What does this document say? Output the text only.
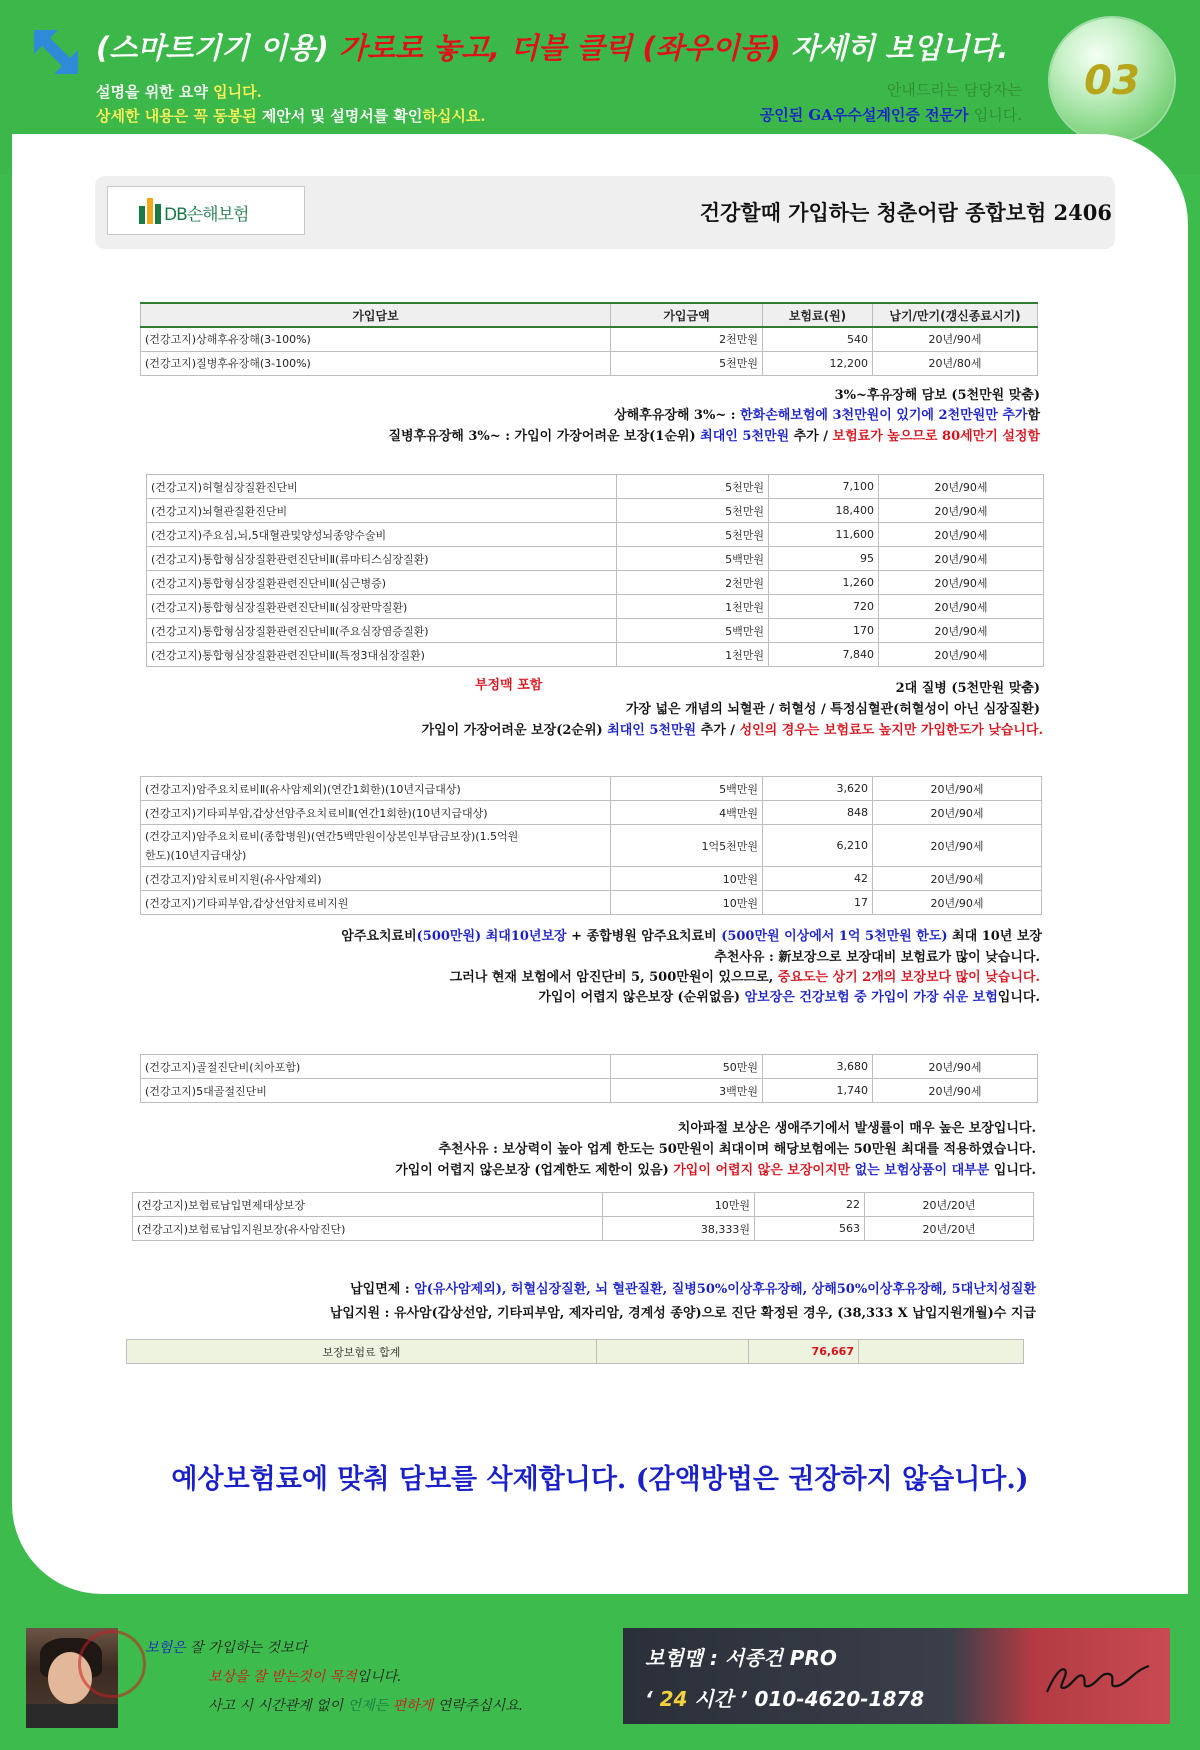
(스마트기기 이용) 가로로 놓고, 더블 클릭 (좌우이동) 자세히 보입니다.
설명을 위한 요약 입니다.
상세한 내용은 꼭 동봉된 제안서 및 설명서를 확인하십시요.
안내드리는 담당자는
공인된 GA우수설계인증 전문가 입니다.
03
DB손해보험	건강할때 가입하는 청춘어람 종합보험 2406
가입담보	가입금액	보험료(원)	납기/만기(갱신종료시기)
(건강고지)상해후유장해(3-100%)	2천만원	540	20년/90세
(건강고지)질병후유장해(3-100%)	5천만원	12,200	20년/80세
3%~후유장해 담보 (5천만원 맞춤)
상해후유장해 3%~ : 한화손해보험에 3천만원이 있기에 2천만원만 추가함
질병후유장해 3%~ : 가입이 가장어려운 보장(1순위) 최대인 5천만원 추가 / 보험료가 높으므로 80세만기 설정함
(건강고지)허혈심장질환진단비	5천만원	7,100	20년/90세
(건강고지)뇌혈관질환진단비	5천만원	18,400	20년/90세
(건강고지)주요심,뇌,5대혈관및양성뇌종양수술비	5천만원	11,600	20년/90세
(건강고지)통합형심장질환관련진단비Ⅱ(류마티스심장질환)	5백만원	95	20년/90세
(건강고지)통합형심장질환관련진단비Ⅱ(심근병증)	2천만원	1,260	20년/90세
(건강고지)통합형심장질환관련진단비Ⅱ(심장판막질환)	1천만원	720	20년/90세
(건강고지)통합형심장질환관련진단비Ⅱ(주요심장염증질환)	5백만원	170	20년/90세
(건강고지)통합형심장질환관련진단비Ⅱ(특정3대심장질환)	1천만원	7,840	20년/90세
부정맥 포함	2대 질병 (5천만원 맞춤)
가장 넓은 개념의 뇌혈관 / 허혈성 / 특정심혈관(허혈성이 아닌 심장질환)
가입이 가장어려운 보장(2순위) 최대인 5천만원 추가 / 성인의 경우는 보험료도 높지만 가입한도가 낮습니다.
(건강고지)암주요치료비Ⅱ(유사암제외)(연간1회한)(10년지급대상)	5백만원	3,620	20년/90세
(건강고지)기타피부암,갑상선암주요치료비Ⅱ(연간1회한)(10년지급대상)	4백만원	848	20년/90세
(건강고지)암주요치료비(종합병원)(연간5백만원이상본인부담금보장)(1.5억원
한도)(10년지급대상)	1억5천만원	6,210	20년/90세
(건강고지)암치료비지원(유사암제외)	10만원	42	20년/90세
(건강고지)기타피부암,갑상선암치료비지원	10만원	17	20년/90세
암주요치료비(500만원) 최대10년보장 + 종합병원 암주요치료비 (500만원 이상에서 1억 5천만원 한도) 최대 10년 보장
추천사유 : 新보장으로 보장대비 보험료가 많이 낮습니다.
그러나 현재 보험에서 암진단비 5, 500만원이 있으므로, 중요도는 상기 2개의 보장보다 많이 낮습니다.
가입이 어렵지 않은보장 (순위없음) 암보장은 건강보험 중 가입이 가장 쉬운 보험입니다.
(건강고지)골절진단비(치아포함)	50만원	3,680	20년/90세
(건강고지)5대골절진단비	3백만원	1,740	20년/90세
치아파절 보상은 생애주기에서 발생률이 매우 높은 보장입니다.
추천사유 : 보상력이 높아 업계 한도는 50만원이 최대이며 해당보험에는 50만원 최대를 적용하였습니다.
가입이 어렵지 않은보장 (업계한도 제한이 있음) 가입이 어렵지 않은 보장이지만 없는 보험상품이 대부분 입니다.
(건강고지)보험료납입면제대상보장	10만원	22	20년/20년
(건강고지)보험료납입지원보장(유사암진단)	38,333원	563	20년/20년
납입면제 : 암(유사암제외), 허혈심장질환, 뇌 혈관질환, 질병50%이상후유장해, 상해50%이상후유장해, 5대난치성질환
납입지원 : 유사암(갑상선암, 기타피부암, 제자리암, 경계성 종양)으로 진단 확정된 경우, (38,333 X 납입지원개월)수 지급
보장보험료 합계		76,667	
예상보험료에 맞춰 담보를 삭제합니다. (감액방법은 권장하지 않습니다.)
보험은 잘 가입하는 것보다
보상을 잘 받는것이 목적입니다.
사고 시 시간관계 없이 언제든 편하게 연락주십시요.
보험맵 : 서종건 PRO
‘ 24 시간 ’ 010-4620-1878
